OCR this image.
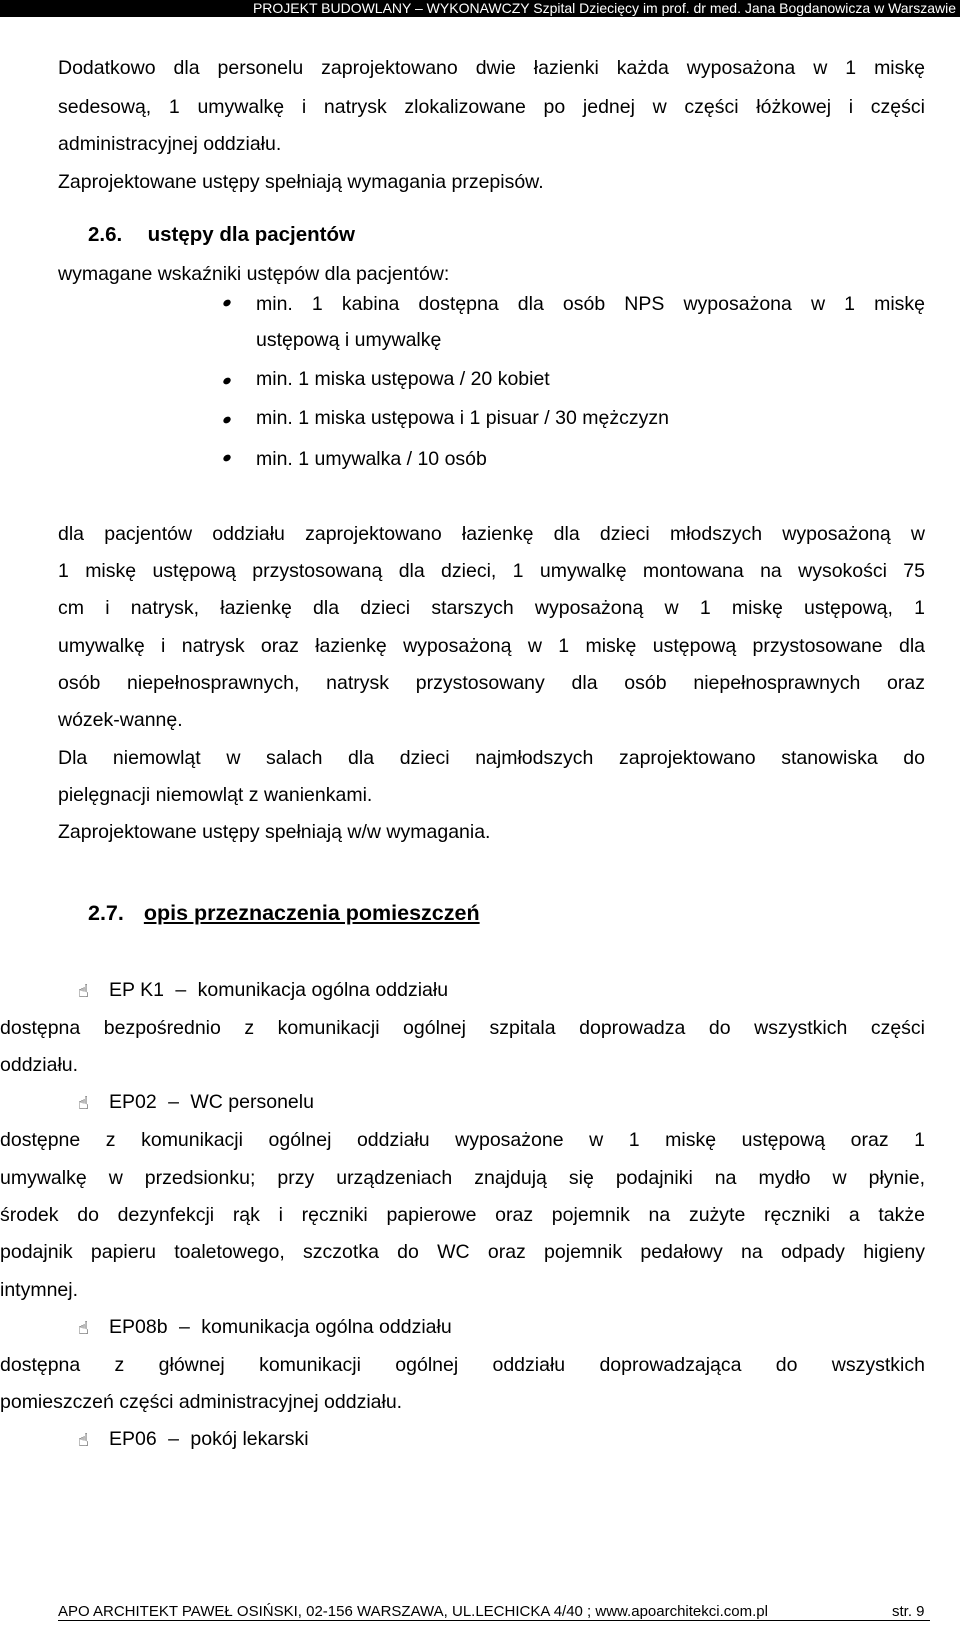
PROJEKT BUDOWLANY – WYKONAWCZY Szpital Dziecięcy im prof. dr med. Jana Bogdanowicza w Warszawie
Dodatkowo dla personelu zaprojektowano dwie łazienki każda wyposażona w 1 miskę
sedesową, 1 umywalkę i natrysk zlokalizowane po jednej w części łóżkowej i części
administracyjnej oddziału.
Zaprojektowane ustępy spełniają wymagania przepisów.
2.6. ustępy dla pacjentów
wymagane wskaźniki ustępów dla pacjentów:
min. 1 kabina dostępna dla osób NPS wyposażona w 1 miskę
ustępową i umywalkę
min. 1 miska ustępowa / 20 kobiet
min. 1 miska ustępowa i 1 pisuar / 30 mężczyzn
min. 1 umywalka / 10 osób
dla pacjentów oddziału zaprojektowano łazienkę dla dzieci młodszych wyposażoną w
1 miskę ustępową przystosowaną dla dzieci, 1 umywalkę montowana na wysokości 75
cm i natrysk, łazienkę dla dzieci starszych wyposażoną w 1 miskę ustępową, 1
umywalkę i natrysk oraz łazienkę wyposażoną w 1 miskę ustępową przystosowane dla
osób niepełnosprawnych, natrysk przystosowany dla osób niepełnosprawnych oraz
wózek-wannę.
Dla niemowląt w salach dla dzieci najmłodszych zaprojektowano stanowiska do
pielęgnacji niemowląt z wanienkami.
Zaprojektowane ustępy spełniają w/w wymagania.
2.7. opis przeznaczenia pomieszczeń
☝ EP K1 – komunikacja ogólna oddziału
dostępna bezpośrednio z komunikacji ogólnej szpitala doprowadza do wszystkich części
oddziału.
☝ EP02 – WC personelu
dostępne z komunikacji ogólnej oddziału wyposażone w 1 miskę ustępową oraz 1
umywalkę w przedsionku; przy urządzeniach znajdują się podajniki na mydło w płynie,
środek do dezynfekcji rąk i ręczniki papierowe oraz pojemnik na zużyte ręczniki a także
podajnik papieru toaletowego, szczotka do WC oraz pojemnik pedałowy na odpady higieny
intymnej.
☝ EP08b – komunikacja ogólna oddziału
dostępna z głównej komunikacji ogólnej oddziału doprowadzająca do wszystkich
pomieszczeń części administracyjnej oddziału.
☝ EP06 – pokój lekarski
APO ARCHITEKT PAWEŁ OSIŃSKI, 02-156 WARSZAWA, UL.LECHICKA 4/40 ; www.apoarchitekci.com.pl	str. 9
